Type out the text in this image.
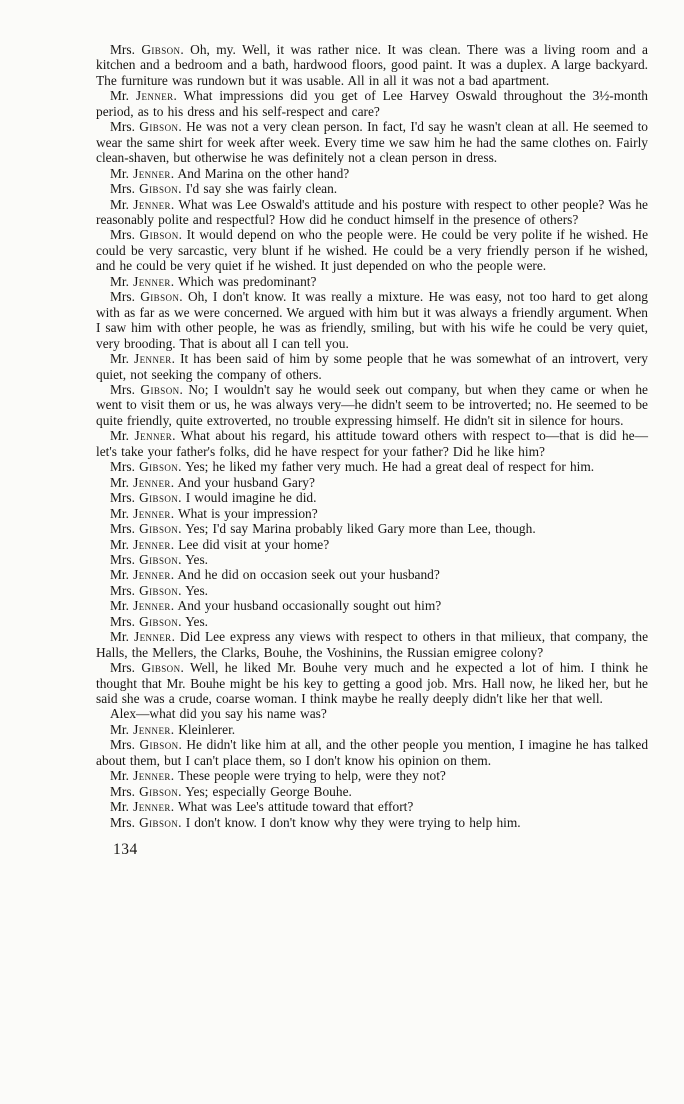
Mrs. Gibson. Oh, my. Well, it was rather nice. It was clean. There was a living room and a kitchen and a bedroom and a bath, hardwood floors, good paint. It was a duplex. A large backyard. The furniture was rundown but it was usable. All in all it was not a bad apartment.

Mr. Jenner. What impressions did you get of Lee Harvey Oswald throughout the 3½-month period, as to his dress and his self-respect and care?

Mrs. Gibson. He was not a very clean person. In fact, I'd say he wasn't clean at all. He seemed to wear the same shirt for week after week. Every time we saw him he had the same clothes on. Fairly clean-shaven, but otherwise he was definitely not a clean person in dress.

Mr. Jenner. And Marina on the other hand?

Mrs. Gibson. I'd say she was fairly clean.

Mr. Jenner. What was Lee Oswald's attitude and his posture with respect to other people? Was he reasonably polite and respectful? How did he conduct himself in the presence of others?

Mrs. Gibson. It would depend on who the people were. He could be very polite if he wished. He could be very sarcastic, very blunt if he wished. He could be a very friendly person if he wished, and he could be very quiet if he wished. It just depended on who the people were.

Mr. Jenner. Which was predominant?

Mrs. Gibson. Oh, I don't know. It was really a mixture. He was easy, not too hard to get along with as far as we were concerned. We argued with him but it was always a friendly argument. When I saw him with other people, he was as friendly, smiling, but with his wife he could be very quiet, very brooding. That is about all I can tell you.

Mr. Jenner. It has been said of him by some people that he was somewhat of an introvert, very quiet, not seeking the company of others.

Mrs. Gibson. No; I wouldn't say he would seek out company, but when they came or when he went to visit them or us, he was always very—he didn't seem to be introverted; no. He seemed to be quite friendly, quite extroverted, no trouble expressing himself. He didn't sit in silence for hours.

Mr. Jenner. What about his regard, his attitude toward others with respect to—that is did he—let's take your father's folks, did he have respect for your father? Did he like him?

Mrs. Gibson. Yes; he liked my father very much. He had a great deal of respect for him.

Mr. Jenner. And your husband Gary?

Mrs. Gibson. I would imagine he did.

Mr. Jenner. What is your impression?

Mrs. Gibson. Yes; I'd say Marina probably liked Gary more than Lee, though.

Mr. Jenner. Lee did visit at your home?

Mrs. Gibson. Yes.

Mr. Jenner. And he did on occasion seek out your husband?

Mrs. Gibson. Yes.

Mr. Jenner. And your husband occasionally sought out him?

Mrs. Gibson. Yes.

Mr. Jenner. Did Lee express any views with respect to others in that milieux, that company, the Halls, the Mellers, the Clarks, Bouhe, the Voshinins, the Russian emigree colony?

Mrs. Gibson. Well, he liked Mr. Bouhe very much and he expected a lot of him. I think he thought that Mr. Bouhe might be his key to getting a good job. Mrs. Hall now, he liked her, but he said she was a crude, coarse woman. I think maybe he really deeply didn't like her that well.

Alex—what did you say his name was?

Mr. Jenner. Kleinlerer.

Mrs. Gibson. He didn't like him at all, and the other people you mention, I imagine he has talked about them, but I can't place them, so I don't know his opinion on them.

Mr. Jenner. These people were trying to help, were they not?

Mrs. Gibson. Yes; especially George Bouhe.

Mr. Jenner. What was Lee's attitude toward that effort?

Mrs. Gibson. I don't know. I don't know why they were trying to help him.

134
